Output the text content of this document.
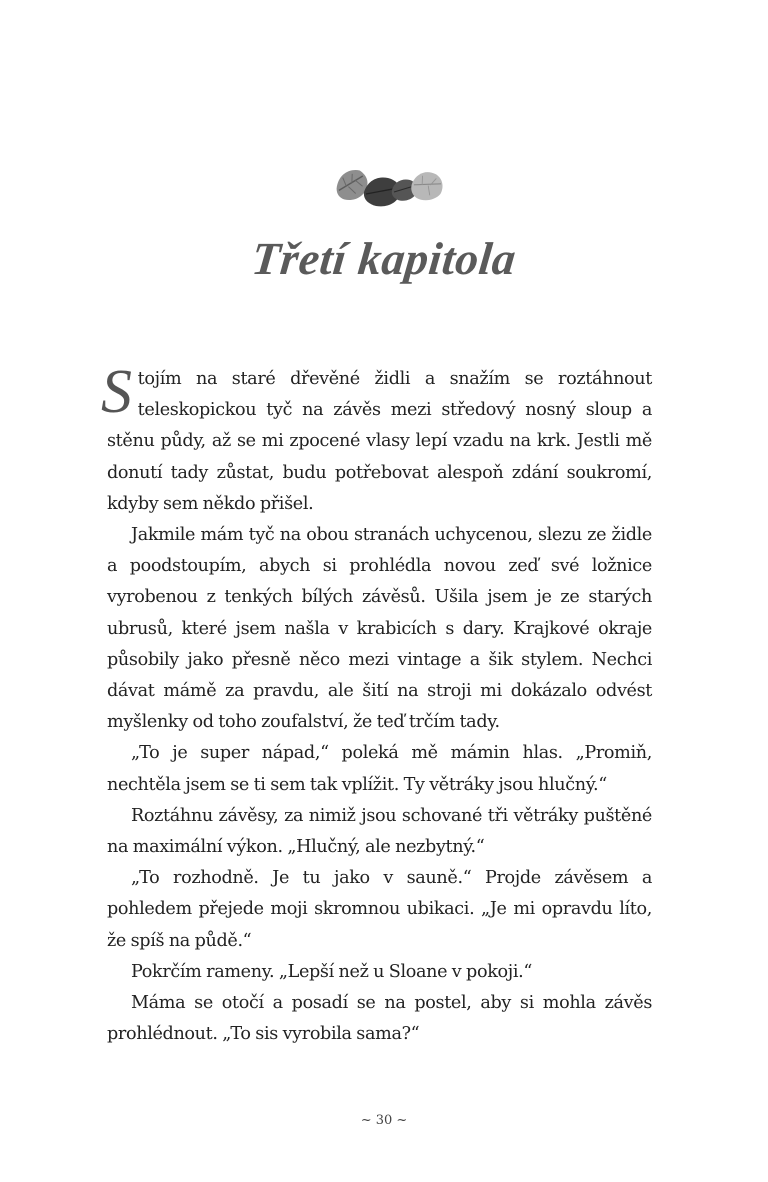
Třetí kapitola

Stojím na staré dřevěné židli a snažím se roztáhnout teleskopickou tyč na závěs mezi středový nosný sloup a stěnu půdy, až se mi zpocené vlasy lepí vzadu na krk. Jestli mě donutí tady zůstat, budu potřebovat alespoň zdání soukromí, kdyby sem někdo přišel.

Jakmile mám tyč na obou stranách uchycenou, slezu ze židle a poodstoupím, abych si prohlédla novou zeď své ložnice vyrobenou z tenkých bílých závěsů. Ušila jsem je ze starých ubrusů, které jsem našla v krabicích s dary. Krajkové okraje působily jako přesně něco mezi vintage a šik stylem. Nechci dávat mámě za pravdu, ale šití na stroji mi dokázalo odvést myšlenky od toho zoufalství, že teď trčím tady.

„To je super nápad,“ poleká mě mámin hlas. „Promiň, nechtěla jsem se ti sem tak vplížit. Ty větráky jsou hlučný.“

Roztáhnu závěsy, za nimiž jsou schované tři větráky puštěné na maximální výkon. „Hlučný, ale nezbytný.“

„To rozhodně. Je tu jako v sauně.“ Projde závěsem a pohledem přejede moji skromnou ubikaci. „Je mi opravdu líto, že spíš na půdě.“

Pokrčím rameny. „Lepší než u Sloane v pokoji.“

Máma se otočí a posadí se na postel, aby si mohla závěs prohlédnout. „To sis vyrobila sama?“

~ 30 ~
